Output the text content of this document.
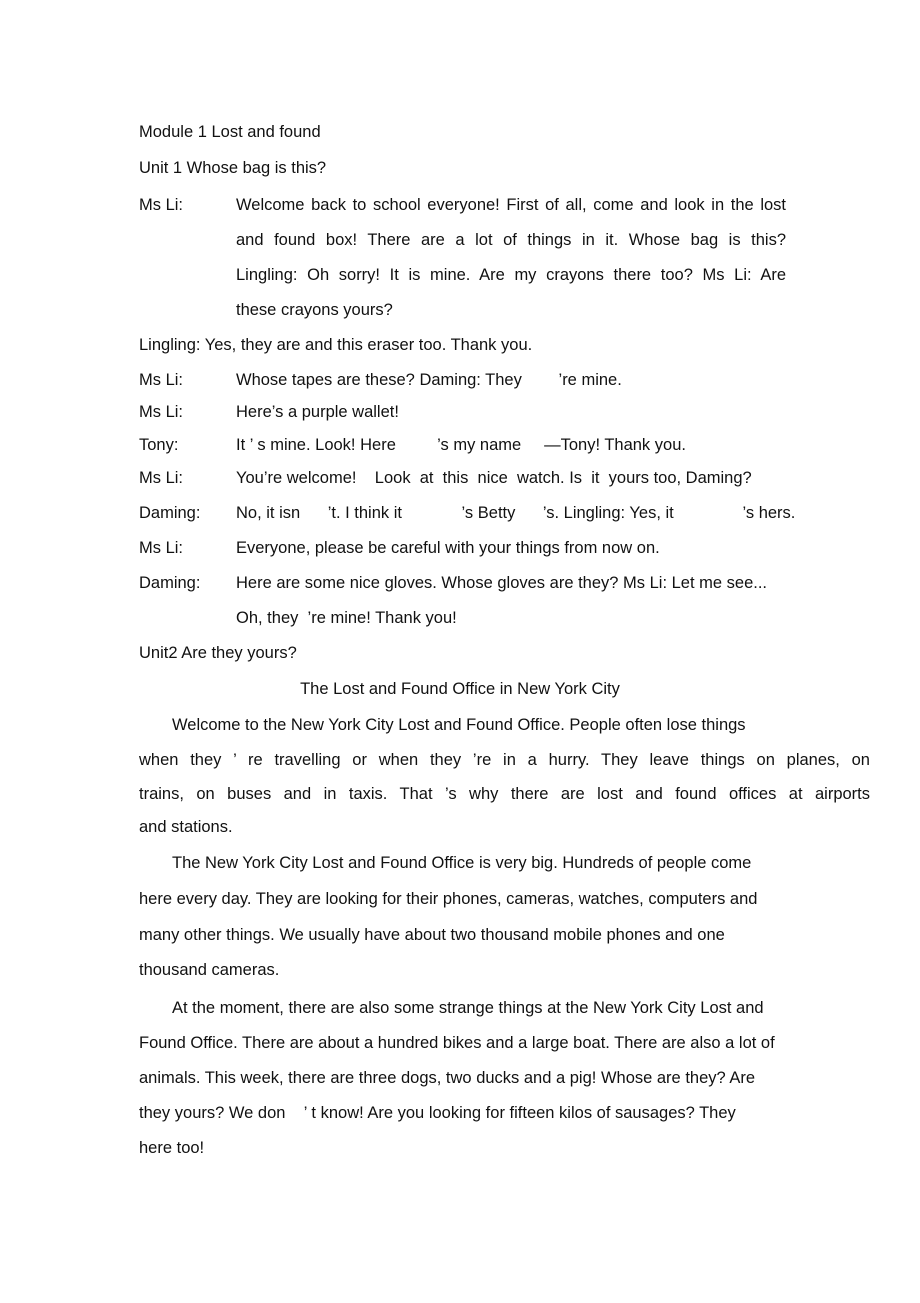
Module 1 Lost and found
Unit 1 Whose bag is this?
Ms Li:	Welcome back to school everyone! First of all, come and look in the lost
and found box! There are a lot of things in it. Whose bag is this?
Lingling: Oh sorry! It is mine. Are my crayons there too? Ms Li: Are
these crayons yours?
Lingling: Yes, they are and this eraser too. Thank you.
Ms Li:	Whose tapes are these? Daming: They        ’re mine.
Ms Li:	Here’s a purple wallet!
Tony:	It ’ s mine. Look! Here         ’s my name     —Tony! Thank you.
Ms Li:	You’re welcome!    Look  at  this  nice  watch. Is  it  yours too, Daming?
Daming: No, it isn      ’t. I think it             ’s Betty      ’s. Lingling: Yes, it               ’s hers.
Ms Li:	Everyone, please be careful with your things from now on.
Daming: Here are some nice gloves. Whose gloves are they? Ms Li: Let me see...
Oh, they  ’re mine! Thank you!
Unit2 Are they yours?
The Lost and Found Office in New York City
Welcome to the New York City Lost and Found Office. People often lose things
when they ’ re travelling or when they ’re in a hurry. They leave things on planes, on
trains, on buses and in taxis. That ’s why there are lost and found offices at airports
and stations.
The New York City Lost and Found Office is very big. Hundreds of people come
here every day. They are looking for their phones, cameras, watches, computers and
many other things. We usually have about two thousand mobile phones and one
thousand cameras.
At the moment, there are also some strange things at the New York City Lost and
Found Office. There are about a hundred bikes and a large boat. There are also a lot of
animals. This week, there are three dogs, two ducks and a pig! Whose are they? Are
they yours? We don    ’ t know! Are you looking for fifteen kilos of sausages? They
here too!
